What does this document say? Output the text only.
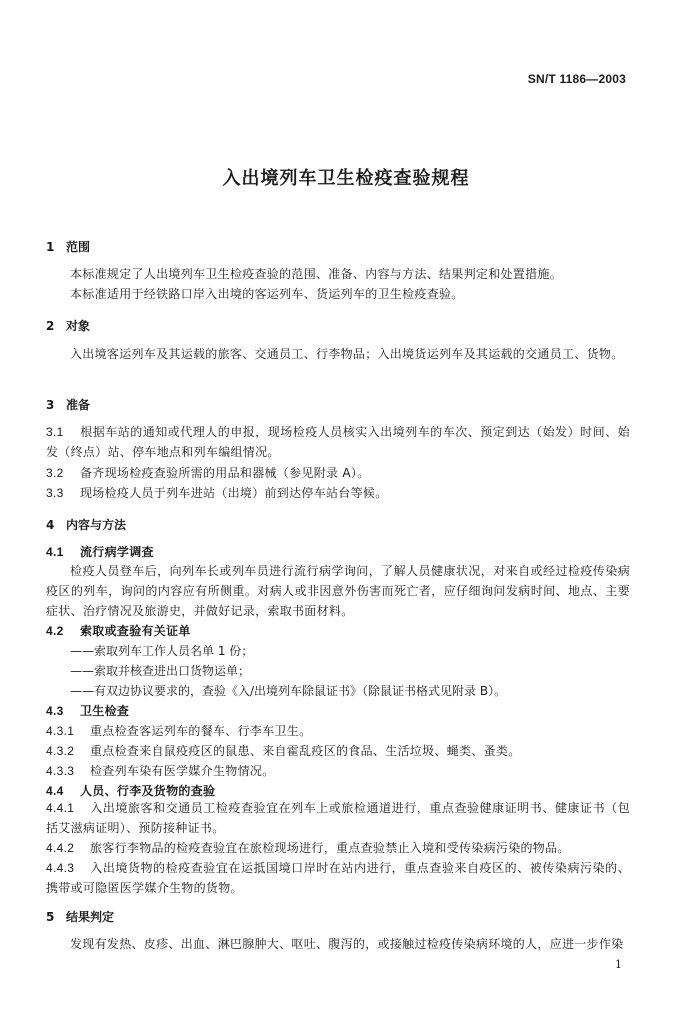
SN/T 1186—2003
入出境列车卫生检疫查验规程
1 范围
本标准规定了人出境列车卫生检疫查验的范围、准备、内容与方法、结果判定和处置措施。
本标准适用于经铁路口岸入出境的客运列车、货运列车的卫生检疫查验。
2 对象
入出境客运列车及其运载的旅客、交通员工、行李物品；入出境货运列车及其运载的交通员工、货物。
3 准备
3.1 根据车站的通知或代理人的申报，现场检疫人员核实入出境列车的车次、预定到达（始发）时间、始发（终点）站、停车地点和列车编组情况。
3.2 备齐现场检疫查验所需的用品和器械（参见附录 A）。
3.3 现场检疫人员于列车进站（出境）前到达停车站台等候。
4 内容与方法
4.1 流行病学调查
检疫人员登车后，向列车长或列车员进行流行病学询问，了解人员健康状况，对来自或经过检疫传染病疫区的列车，询问的内容应有所侧重。对病人或非因意外伤害而死亡者，应仔细询问发病时间、地点、主要症状、治疗情况及旅游史，并做好记录，索取书面材料。
4.2 索取或查验有关证单
——索取列车工作人员名单 1 份；
——索取并核查进出口货物运单；
——有双边协议要求的，查验《入/出境列车除鼠证书》（除鼠证书格式见附录 B）。
4.3 卫生检查
4.3.1 重点检查客运列车的餐车、行李车卫生。
4.3.2 重点检查来自鼠疫疫区的鼠患、来自霍乱疫区的食品、生活垃圾、蝇类、蚤类。
4.3.3 检查列车染有医学媒介生物情况。
4.4 人员、行李及货物的查验
4.4.1 入出境旅客和交通员工检疫查验宜在列车上或旅检通道进行，重点查验健康证明书、健康证书（包括艾滋病证明）、预防接种证书。
4.4.2 旅客行李物品的检疫查验宜在旅检现场进行，重点查验禁止入境和受传染病污染的物品。
4.4.3 入出境货物的检疫查验宜在运抵国境口岸时在站内进行，重点查验来自疫区的、被传染病污染的、携带或可隐匿医学媒介生物的货物。
5 结果判定
发现有发热、皮疹、出血、淋巴腺肿大、呕吐、腹泻的，或接触过检疫传染病环境的人，应进一步作染
1
